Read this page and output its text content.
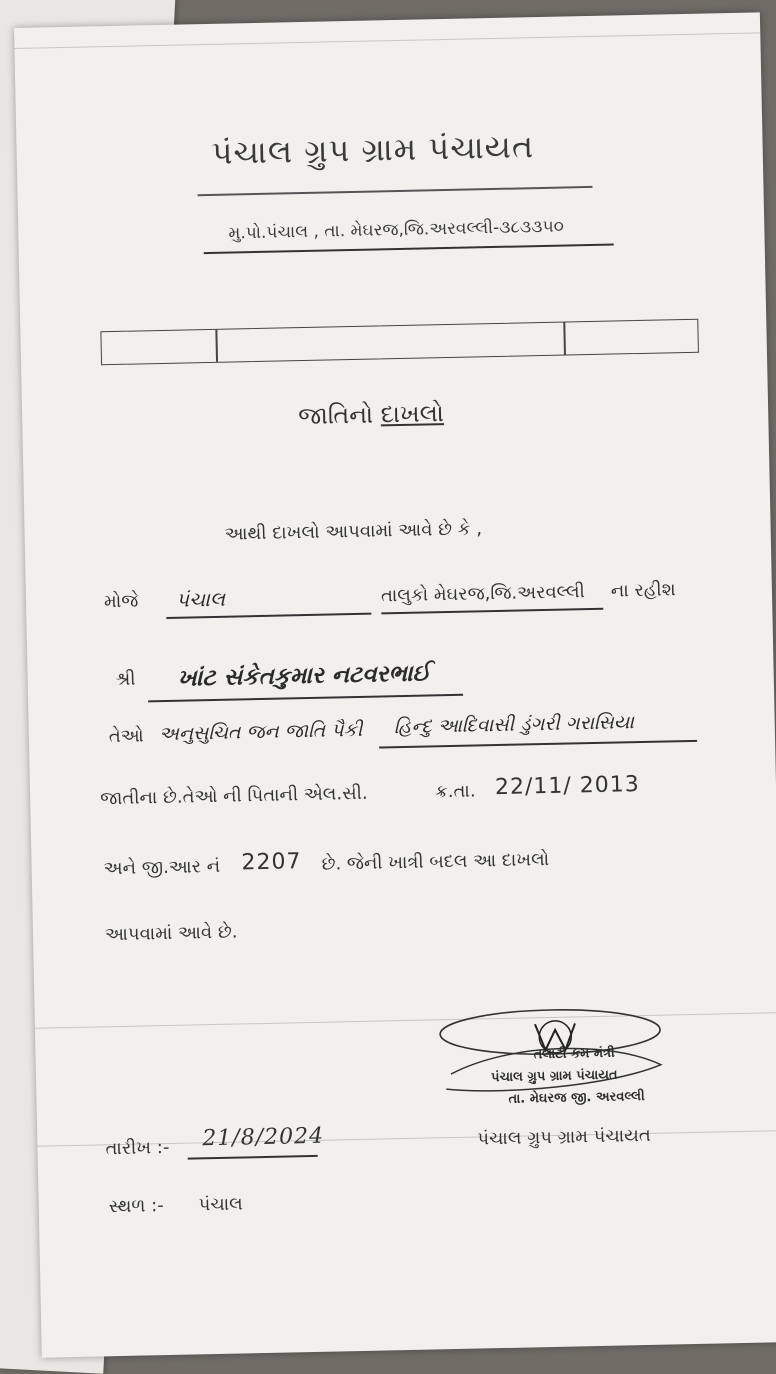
પંચાલ ગ્રુપ ગ્રામ પંચાયત
મુ.પો.પંચાલ , તા. મેઘરજ,જિ.અરવલ્લી-૩૮૩૩૫૦
જાતિનો દાખલો
આથી દાખલો આપવામાં આવે છે કે ,
મોજે પંચાલ	તાલુકો મેઘરજ,જિ.અરવલ્લી ના રહીશ
શ્રી ખાંટ સંકેતકુમાર નટવરભાઈ
તેઓ અનુસુચિત જન જાતિ પૈકી હિન્દુ આદિવાસી ડુંગરી ગરાસિયા
જાતીના છે.તેઓ ની પિતાની એલ.સી.	ક્ર.તા. 22/11/ 2013
અને જી.આર નં 2207 છે. જેની ખાત્રી બદલ આ દાખલો
આપવામાં આવે છે.
તલાટી કમ મંત્રી
પંચાલ ગ્રુપ ગ્રામ પંચાયત
તા. મેઘરજ જી. અરવલ્લી
પંચાલ ગ્રુપ ગ્રામ પંચાયત
તારીખ :- 21/8/2024
સ્થળ :- પંચાલ
